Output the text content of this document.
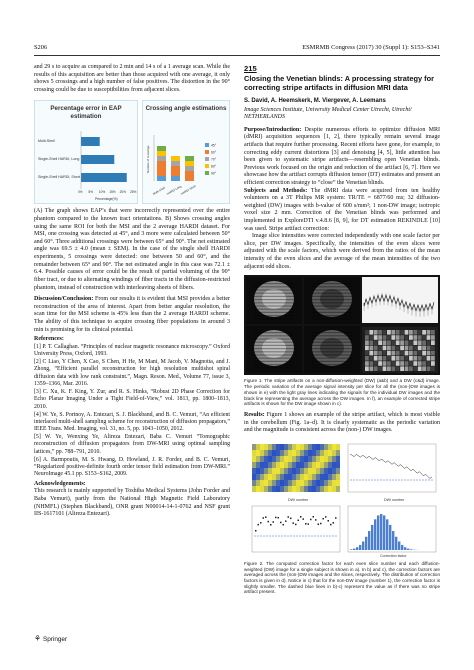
S206	ESMRMB Congress (2017) 30 (Suppl 1): S153–S341

and 29 s to acquire as compared to 2 min and 14 s of a 1 average scan. While the results of this acquisition are better than those acquired with one average, it only shows 5 crossings and a high number of false positives. The distortion in the 90° crossing could be due to susceptibilities from adjacent slices.

Percentage error in EAP estimation
Multi-Shell
Single-Shell HARDI, Long
Single-Shell HARDI, Short
0% 5% 10% 15% 20% 25%
Percentage(%)
Crossing angle estimations
Multi-Shell HARDI Long
HARDI Short
Number of crossings	45°
60°
70°
80°
90°

(A) The graph shows EAP’s that were incorrectly represented over the entire phantom compared to the known tract orientations. B) Shows crossing angles using the same ROI for both the MSI and the 2 average HARDI dataset. For MSI, one crossing was detected at 45°, and 3 more were calculated between 50° and 60°. Three additional crossings were between 65° and 90°. The net estimated angle was 69.5 ± 4.0 (mean ± SEM). In the case of the single shell HARDI experiments, 5 crossings were detected: one between 50 and 60°, and the remainder between 65° and 90°. The net estimated angle in this case was 72.1 ± 6.4. Possible causes of error could be the result of partial voluming of the 90° fiber tract, or due to alternating windings of fiber tracts in the diffusion-restricted phantom, instead of construction with interleaving sheets of fibers.

Discussion/Conclusion: From our results it is evident that MSI provides a better reconstruction of the area of interest. Apart from better angular resolution, the scan time for the MSI scheme is 45% less than the 2 average HARDI scheme. The ability of this technique to acquire crossing fiber populations in around 3 min is promising for its clinical potential.

References:

[1] P. T. Callaghan. “Principles of nuclear magnetic resonance microscopy.” Oxford University Press, Oxford, 1993.

[2] C Liao, Y Chen, X Cao, S Chen, H He, M Mani, M Jacob, V. Magnotta, and J. Zhong, “Efficient parallel reconstruction for high resolution multishot spiral diffusion data with low rank constraint.”, Magn. Reson. Med., Volume 77, issue 3, 1359–1366, Mar. 2016.

[3] C. Xu, K. F. King, Y. Zur, and R. S. Hinks, “Robust 2D Phase Correction for Echo Planar Imaging Under a Tight Field-of-View,” vol. 1813, pp. 1800–1813, 2010.

[4] W. Ye, S. Portnoy, A. Entezari, S. J. Blackband, and B. C. Vemuri, “An efficient interlaced multi-shell sampling scheme for reconstruction of diffusion propagators,” IEEE Trans. Med. Imaging, vol. 31, no. 5, pp. 1043–1050, 2012.

[5] W. Ye, Wenxing Ye, Alireza Entezari, Baba C. Vemuri “Tomographic reconstruction of diffusion propagators from DW-MRI using optimal sampling lattices,” pp. 788–791, 2010.

[6] A. Barmpoutis, M. S. Hwang, D. Howland, J. R. Forder, and B. C. Vemuri, “Regularized positive-definite fourth order tensor field estimation from DW-MRI.” NeuroImage 45.1 pp. S153–S162, 2009.

Acknowledgements:

This research is mainly supported by Toshiba Medical Systems (John Forder and Baba Vemuri), partly from the National High Magnetic Field Laboratory (NHMFL) (Stephen Blackband), ONR grant N00014-14-1-0762 and NSF grant IIS-1617101 (Alireza Entezari).

215
Closing the Venetian blinds: A processing strategy for correcting stripe artifacts in diffusion MRI data
S. David, A. Heemskerk, M. Viergever, A. Leemans
Image Sciences Institute, University Medical Center Utrecht, Utrecht/ NETHERLANDS

Purpose/Introduction: Despite numerous efforts to optimize diffusion MRI (dMRI) acquisition sequences [1, 2], there typically remain several image artifacts that require further processing. Recent efforts have gone, for example, to correcting eddy current distortions [3] and denoising [4, 5], little attention has been given to systematic stripe artifacts—resembling open Venetian blinds. Previous work focused on the origin and reduction of the artifact [6, 7]. Here we showcase how the artifact corrupts diffusion tensor (DT) estimates and present an efficient correction strategy to “close” the Venetian blinds.

Subjects and Methods: The dMRI data were acquired from ten healthy volunteers on a 3T Philips MR system: TR/TE = 6877/60 ms; 32 diffusion-weighted (DW) images with b-value of 600 s/mm²; 1 non-DW image; isotropic voxel size 2 mm. Correction of the Venetian blinds was performed and implemented in ExploreDTI v.4.8.6 [8, 9], for DT estimation REKINDLE [10] was used. Stripe artifact correction:

Image slice intensities were corrected independently with one scale factor per slice, per DW images. Specifically, the intensities of the even slices were adjusted with the scale factors, which were derived from the ratios of the mean intensity of the even slices and the average of the mean intensities of the two adjacent odd slices.

Figure 1. The stripe artifacts on a non-diffusion-weighted (DW) (a&b) and a DW (c&d) image. The periodic variation of the average signal intensity per slice for all the (non-)DW images is shown in e) with the light gray lines indicating the signals for the individual DW images and the black line representing the average across the DW images. In f), an example of corrected stripe artifacts is shown for the DW image shown in c).

Results: Figure 1 shows an example of the stripe artifact, which is most visible in the cerebellum (Fig. 1a–d). It is clearly systematic as the periodic variation and the magnitude is consistent across the (non-) DW images.

DWI number	DWI number
Correction factor

Figure 2. The computed correction factor for each even slice number and each diffusion-weighted (DW) image for a single subject is shown in a). In b) and c), the correction factors are averaged across the (non-)DW images and the slices, respectively. The distribution of correction factors is given in d). Notice in c) that for the non-DW image (number 1), the correction factor is slightly smaller. The dashed blue lines in b)-c) represent the value as if there was no stripe artifact present.

⚘ Springer
